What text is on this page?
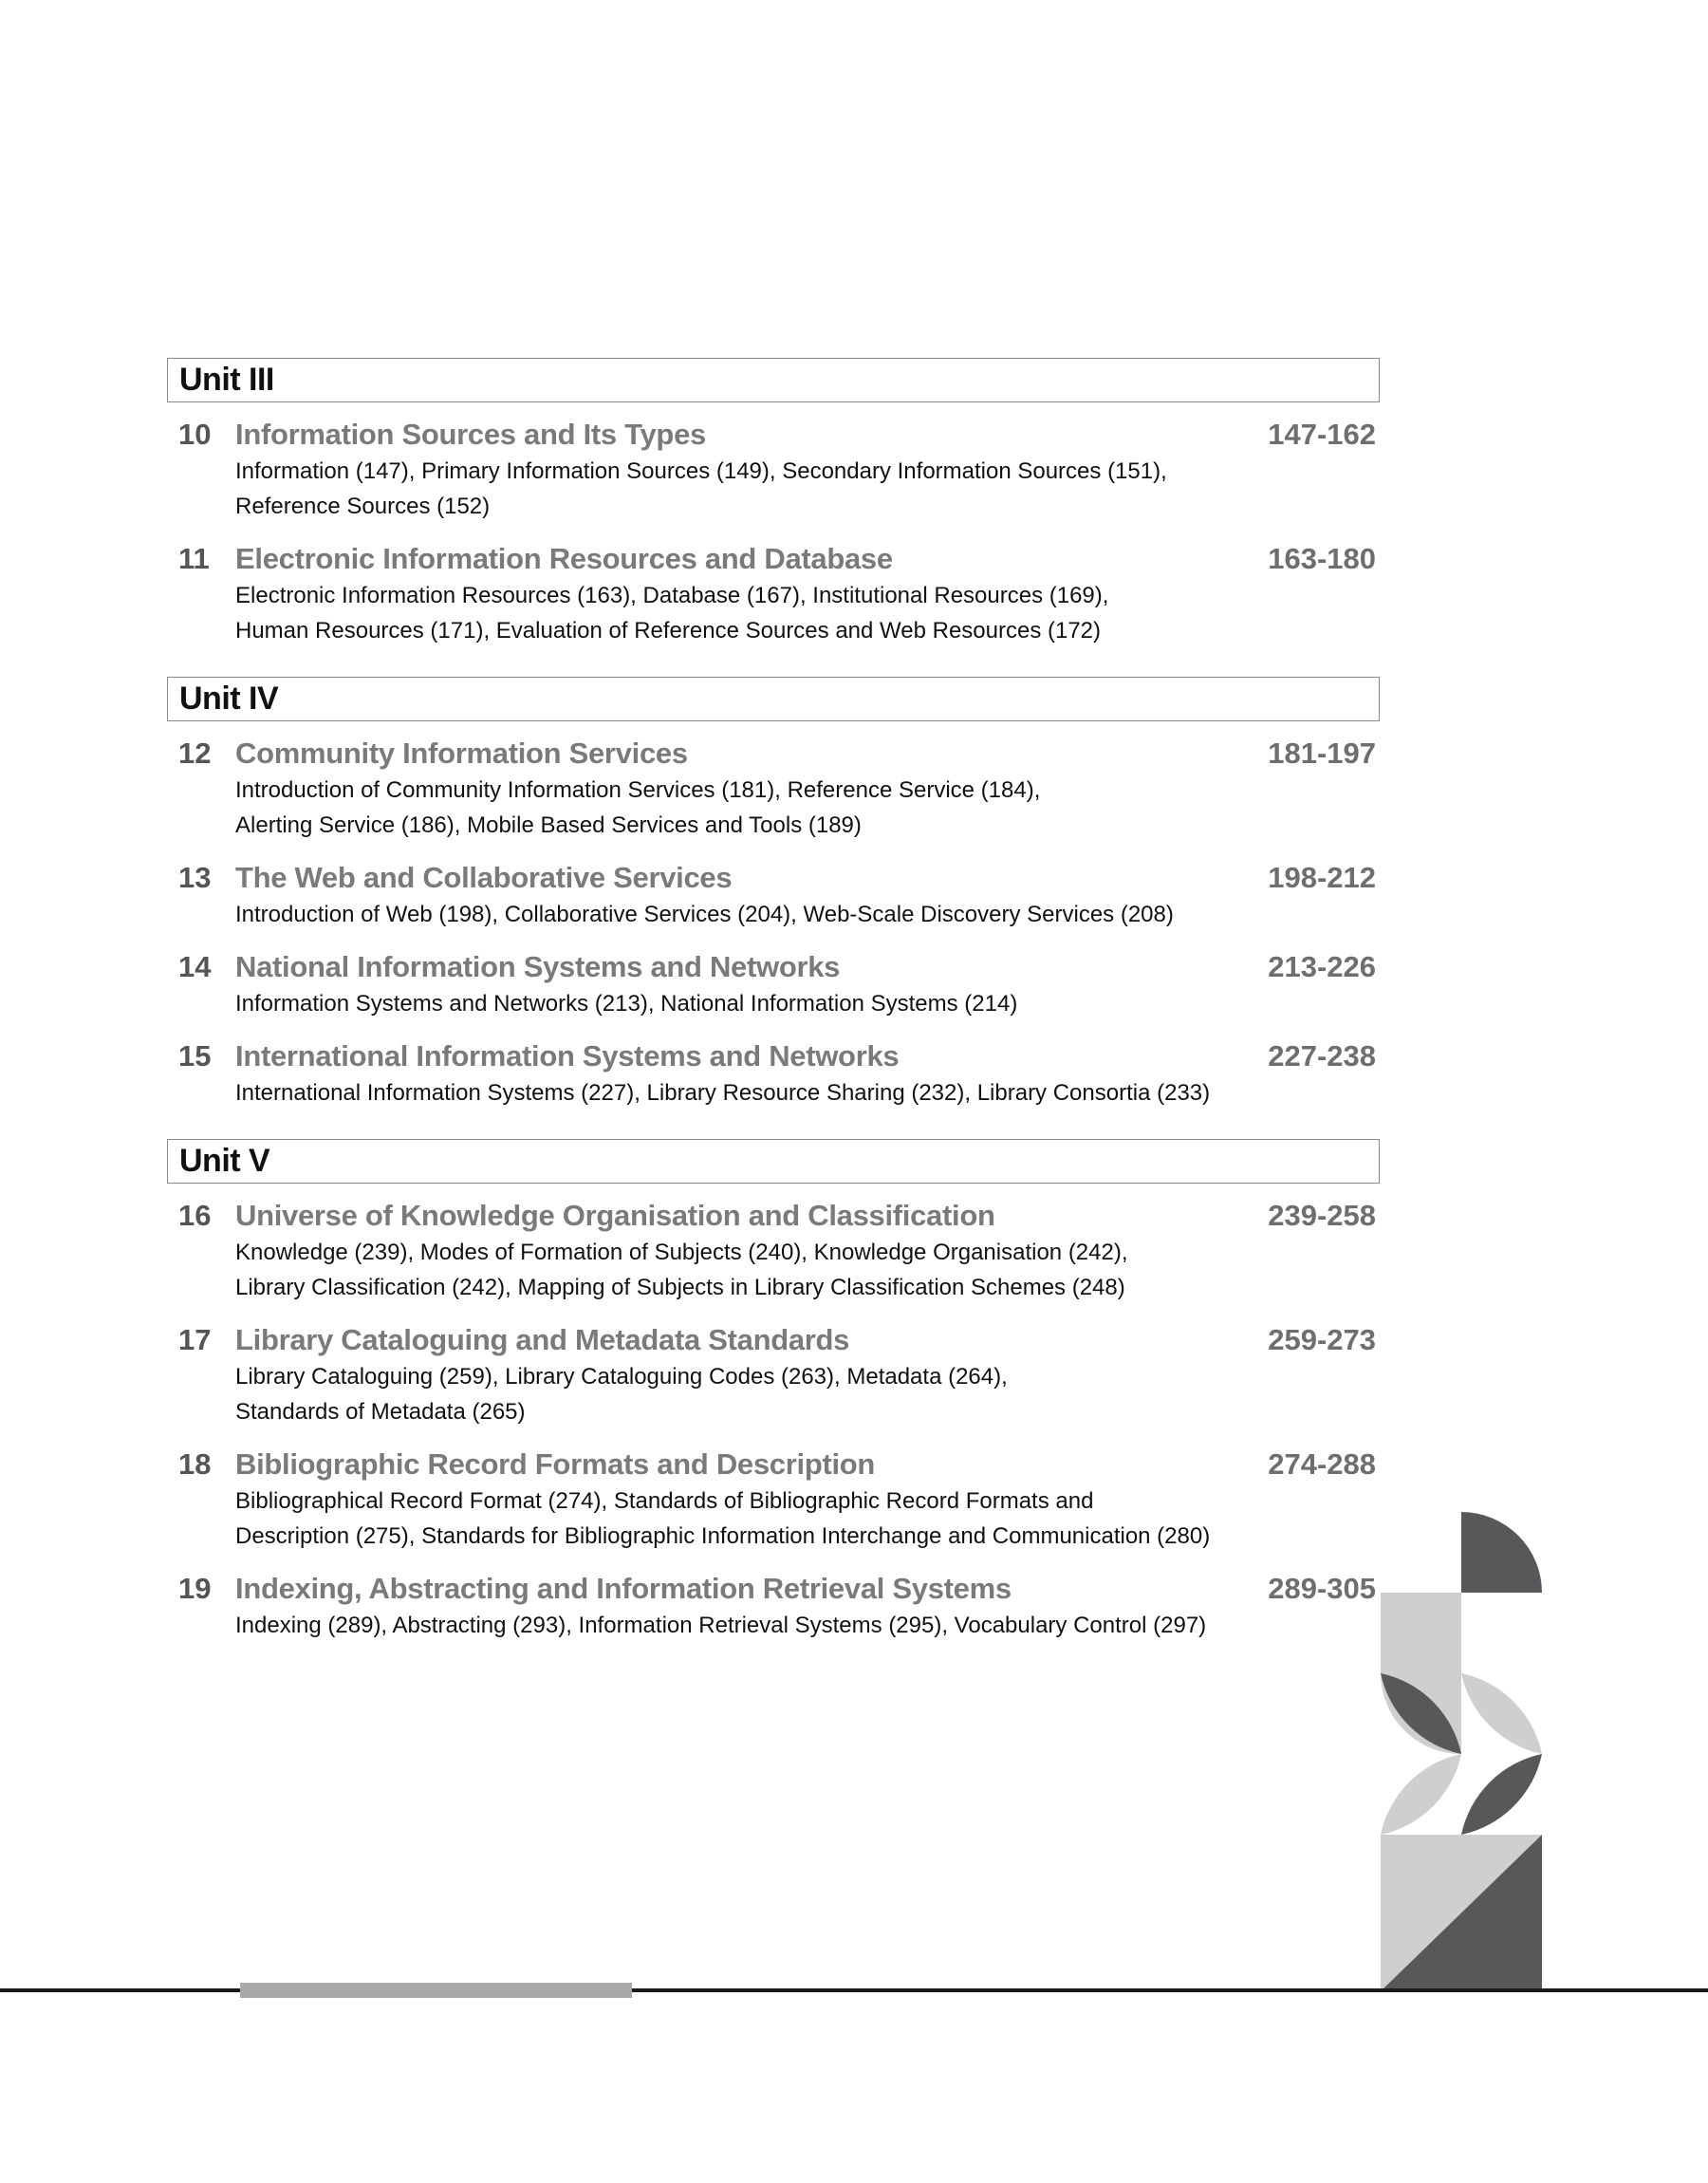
Unit III
10 Information Sources and Its Types	147-162
Information (147), Primary Information Sources (149), Secondary Information Sources (151),
Reference Sources (152)
11 Electronic Information Resources and Database	163-180
Electronic Information Resources (163), Database (167), Institutional Resources (169),
Human Resources (171), Evaluation of Reference Sources and Web Resources (172)
Unit IV
12 Community Information Services	181-197
Introduction of Community Information Services (181), Reference Service (184),
Alerting Service (186), Mobile Based Services and Tools (189)
13 The Web and Collaborative Services	198-212
Introduction of Web (198), Collaborative Services (204), Web-Scale Discovery Services (208)
14 National Information Systems and Networks	213-226
Information Systems and Networks (213), National Information Systems (214)
15 International Information Systems and Networks	227-238
International Information Systems (227), Library Resource Sharing (232), Library Consortia (233)
Unit V
16 Universe of Knowledge Organisation and Classification	239-258
Knowledge (239), Modes of Formation of Subjects (240), Knowledge Organisation (242),
Library Classification (242), Mapping of Subjects in Library Classification Schemes (248)
17 Library Cataloguing and Metadata Standards	259-273
Library Cataloguing (259), Library Cataloguing Codes (263), Metadata (264),
Standards of Metadata (265)
18 Bibliographic Record Formats and Description	274-288
Bibliographical Record Format (274), Standards of Bibliographic Record Formats and
Description (275), Standards for Bibliographic Information Interchange and Communication (280)
19 Indexing, Abstracting and Information Retrieval Systems	289-305
Indexing (289), Abstracting (293), Information Retrieval Systems (295), Vocabulary Control (297)
